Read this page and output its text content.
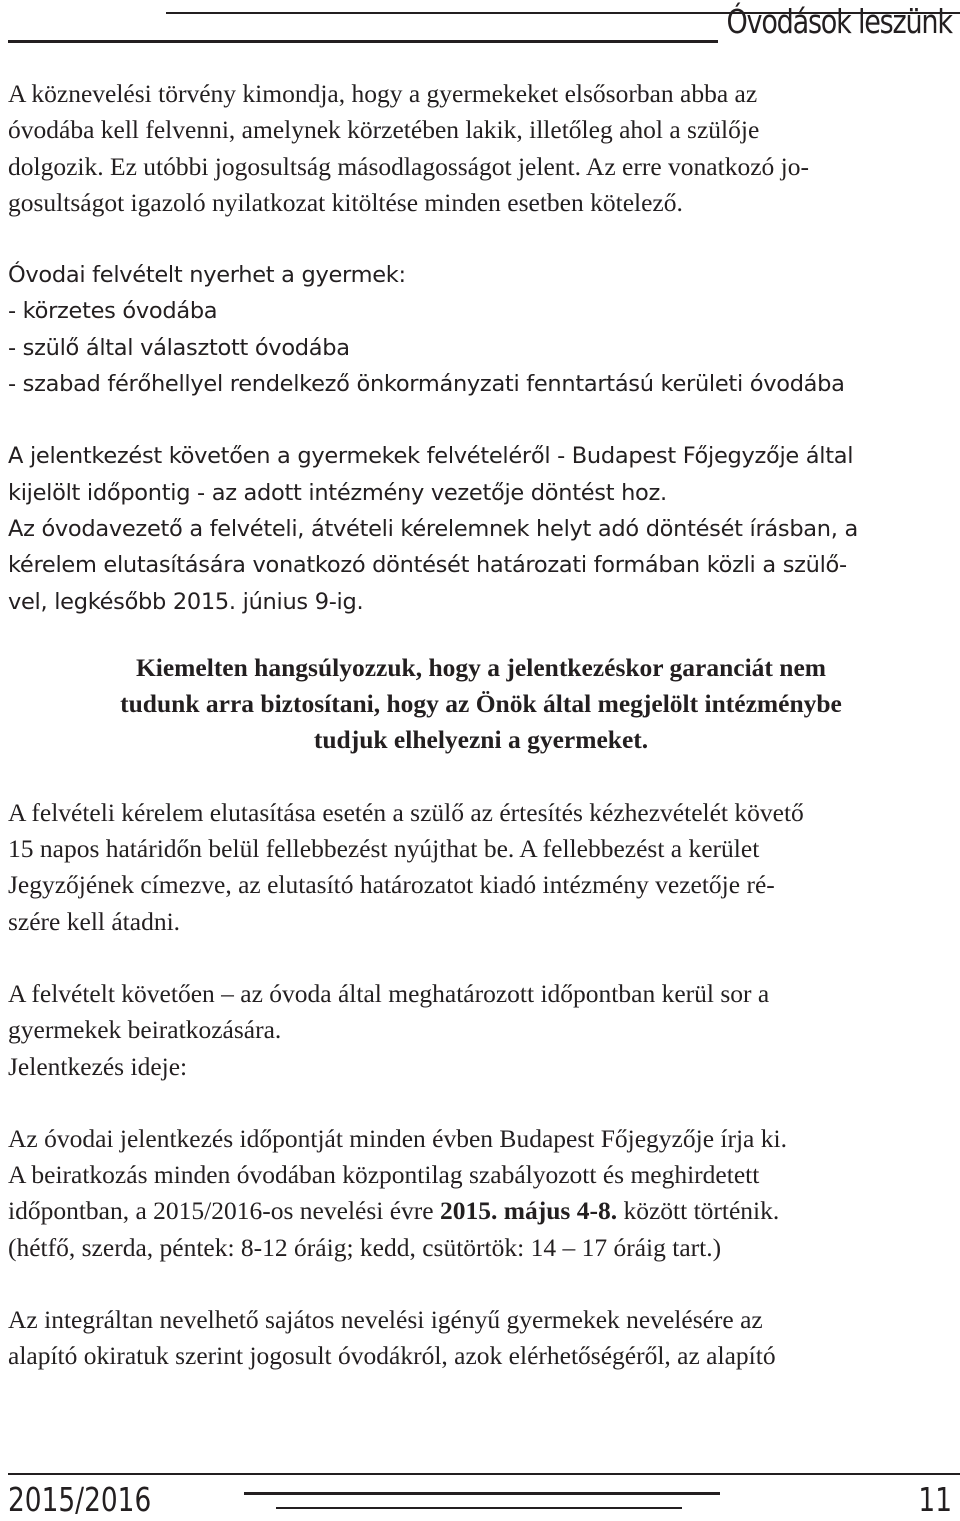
Óvodások leszünk

A köznevelési törvény kimondja, hogy a gyermekeket elsősorban abba az
óvodába kell felvenni, amelynek körzetében lakik, illetőleg ahol a szülője
dolgozik. Ez utóbbi jogosultság másodlagosságot jelent. Az erre vonatkozó jo-
gosultságot igazoló nyilatkozat kitöltése minden esetben kötelező.

Óvodai felvételt nyerhet a gyermek:
- körzetes óvodába
- szülő által választott óvodába
- szabad férőhellyel rendelkező önkormányzati fenntartású kerületi óvodába

A jelentkezést követően a gyermekek felvételéről - Budapest Főjegyzője által
kijelölt időpontig - az adott intézmény vezetője döntést hoz.
Az óvodavezető a felvételi, átvételi kérelemnek helyt adó döntését írásban, a
kérelem elutasítására vonatkozó döntését határozati formában közli a szülő-
vel, legkésőbb 2015. június 9-ig.

Kiemelten hangsúlyozzuk, hogy a jelentkezéskor garanciát nem
tudunk arra biztosítani, hogy az Önök által megjelölt intézménybe
tudjuk elhelyezni a gyermeket.

A felvételi kérelem elutasítása esetén a szülő az értesítés kézhezvételét követő
15 napos határidőn belül fellebbezést nyújthat be. A fellebbezést a kerület
Jegyzőjének címezve, az elutasító határozatot kiadó intézmény vezetője ré-
szére kell átadni.

A felvételt követően – az óvoda által meghatározott időpontban kerül sor a
gyermekek beiratkozására.
Jelentkezés ideje:

Az óvodai jelentkezés időpontját minden évben Budapest Főjegyzője írja ki.
A beiratkozás minden óvodában központilag szabályozott és meghirdetett
időpontban, a 2015/2016-os nevelési évre 2015. május 4-8. között történik.
(hétfő, szerda, péntek: 8-12 óráig; kedd, csütörtök: 14 – 17 óráig tart.)

Az integráltan nevelhető sajátos nevelési igényű gyermekek nevelésére az
alapító okiratuk szerint jogosult óvodákról, azok elérhetőségéről, az alapító

2015/2016	11
